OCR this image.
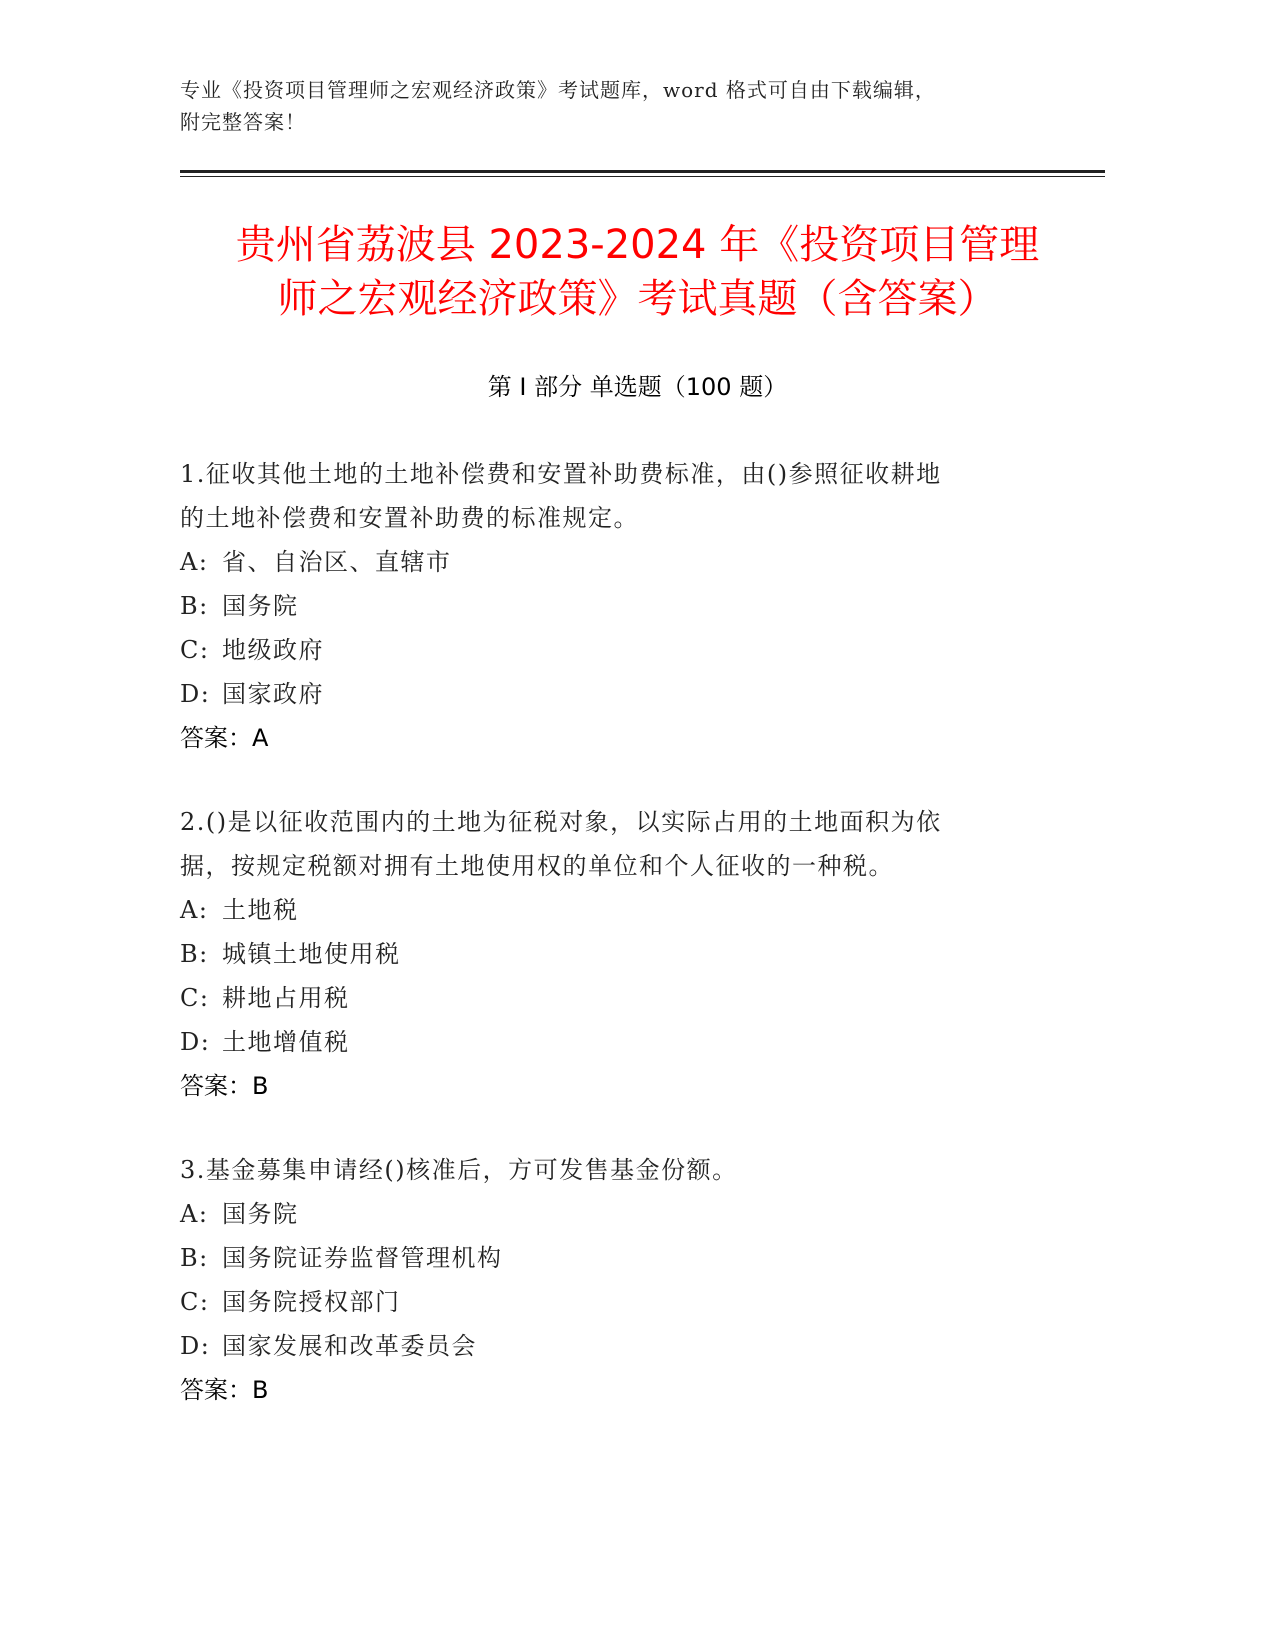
专业《投资项目管理师之宏观经济政策》考试题库，word 格式可自由下载编辑，
附完整答案！
贵州省荔波县 2023-2024 年《投资项目管理
师之宏观经济政策》考试真题（含答案）
第 I 部分 单选题（100 题）
1.征收其他土地的土地补偿费和安置补助费标准，由()参照征收耕地
的土地补偿费和安置补助费的标准规定。
A: 省、自治区、直辖市
B: 国务院
C: 地级政府
D: 国家政府
答案：A
2.()是以征收范围内的土地为征税对象，以实际占用的土地面积为依
据，按规定税额对拥有土地使用权的单位和个人征收的一种税。
A: 土地税
B: 城镇土地使用税
C: 耕地占用税
D: 土地增值税
答案：B
3.基金募集申请经()核准后，方可发售基金份额。
A: 国务院
B: 国务院证券监督管理机构
C: 国务院授权部门
D: 国家发展和改革委员会
答案：B
